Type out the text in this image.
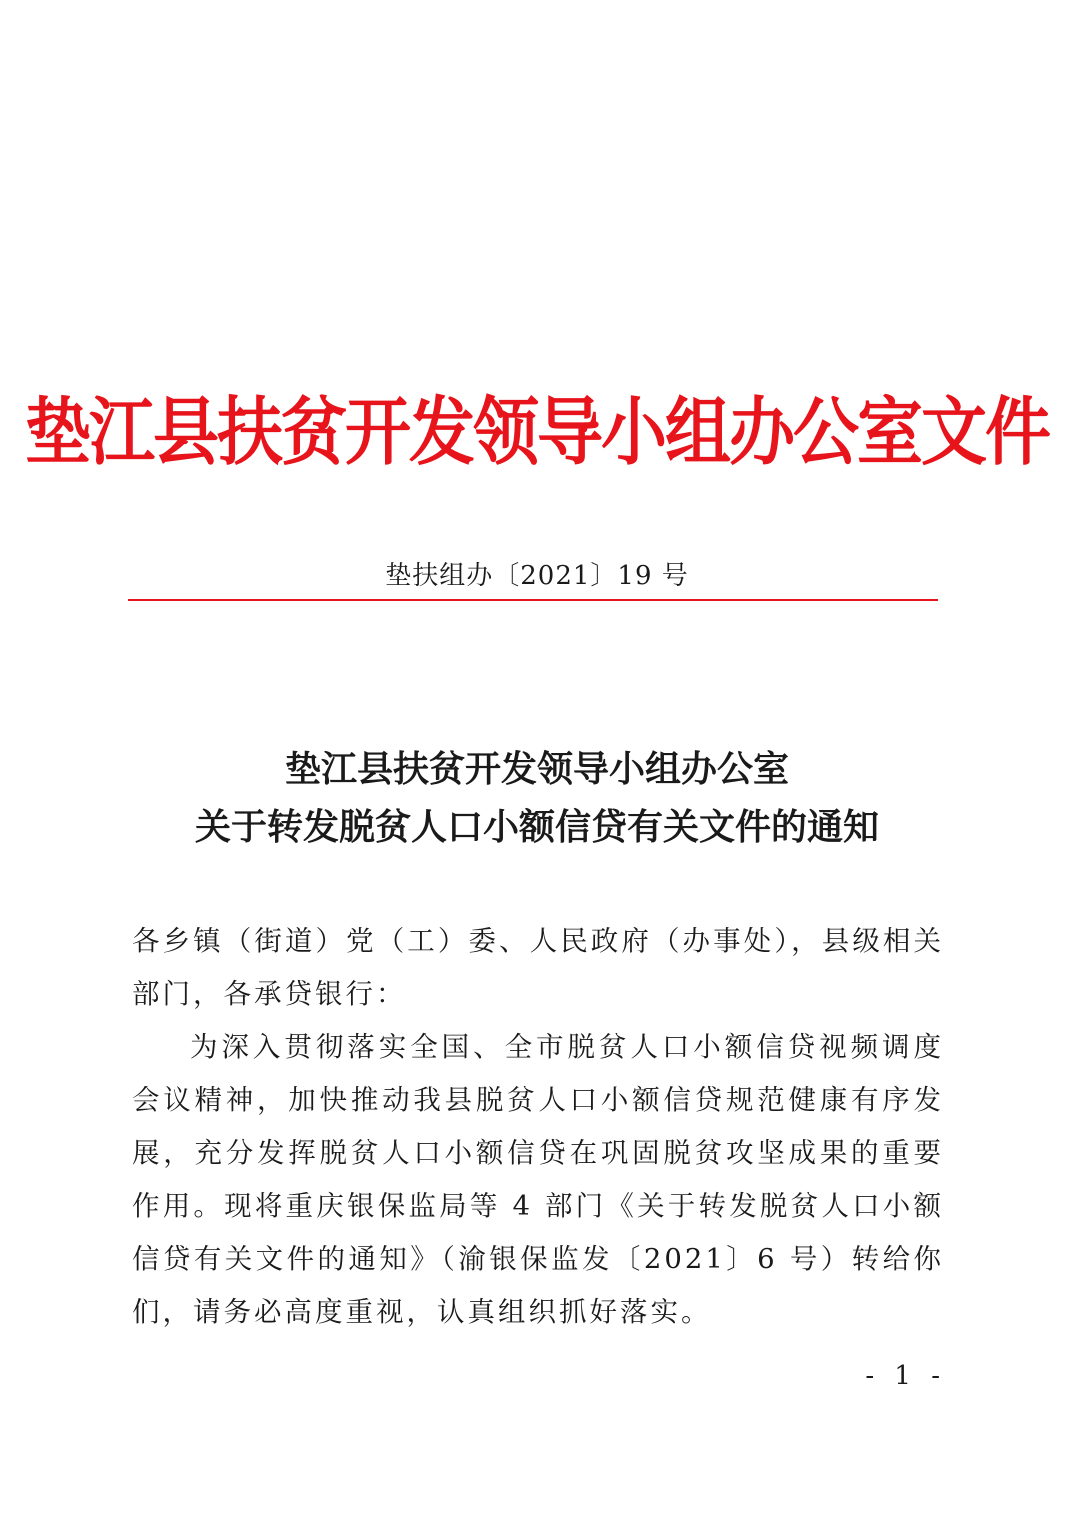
垫江县扶贫开发领导小组办公室文件
垫扶组办〔2021〕19 号
垫江县扶贫开发领导小组办公室
关于转发脱贫人口小额信贷有关文件的通知

各乡镇（街道）党（工）委、人民政府（办事处），县级相关部门，各承贷银行：

为深入贯彻落实全国、全市脱贫人口小额信贷视频调度会议精神，加快推动我县脱贫人口小额信贷规范健康有序发展，充分发挥脱贫人口小额信贷在巩固脱贫攻坚成果的重要作用。现将重庆银保监局等 4 部门《关于转发脱贫人口小额信贷有关文件的通知》（渝银保监发〔2021〕6 号）转给你们，请务必高度重视，认真组织抓好落实。

- 1 -
